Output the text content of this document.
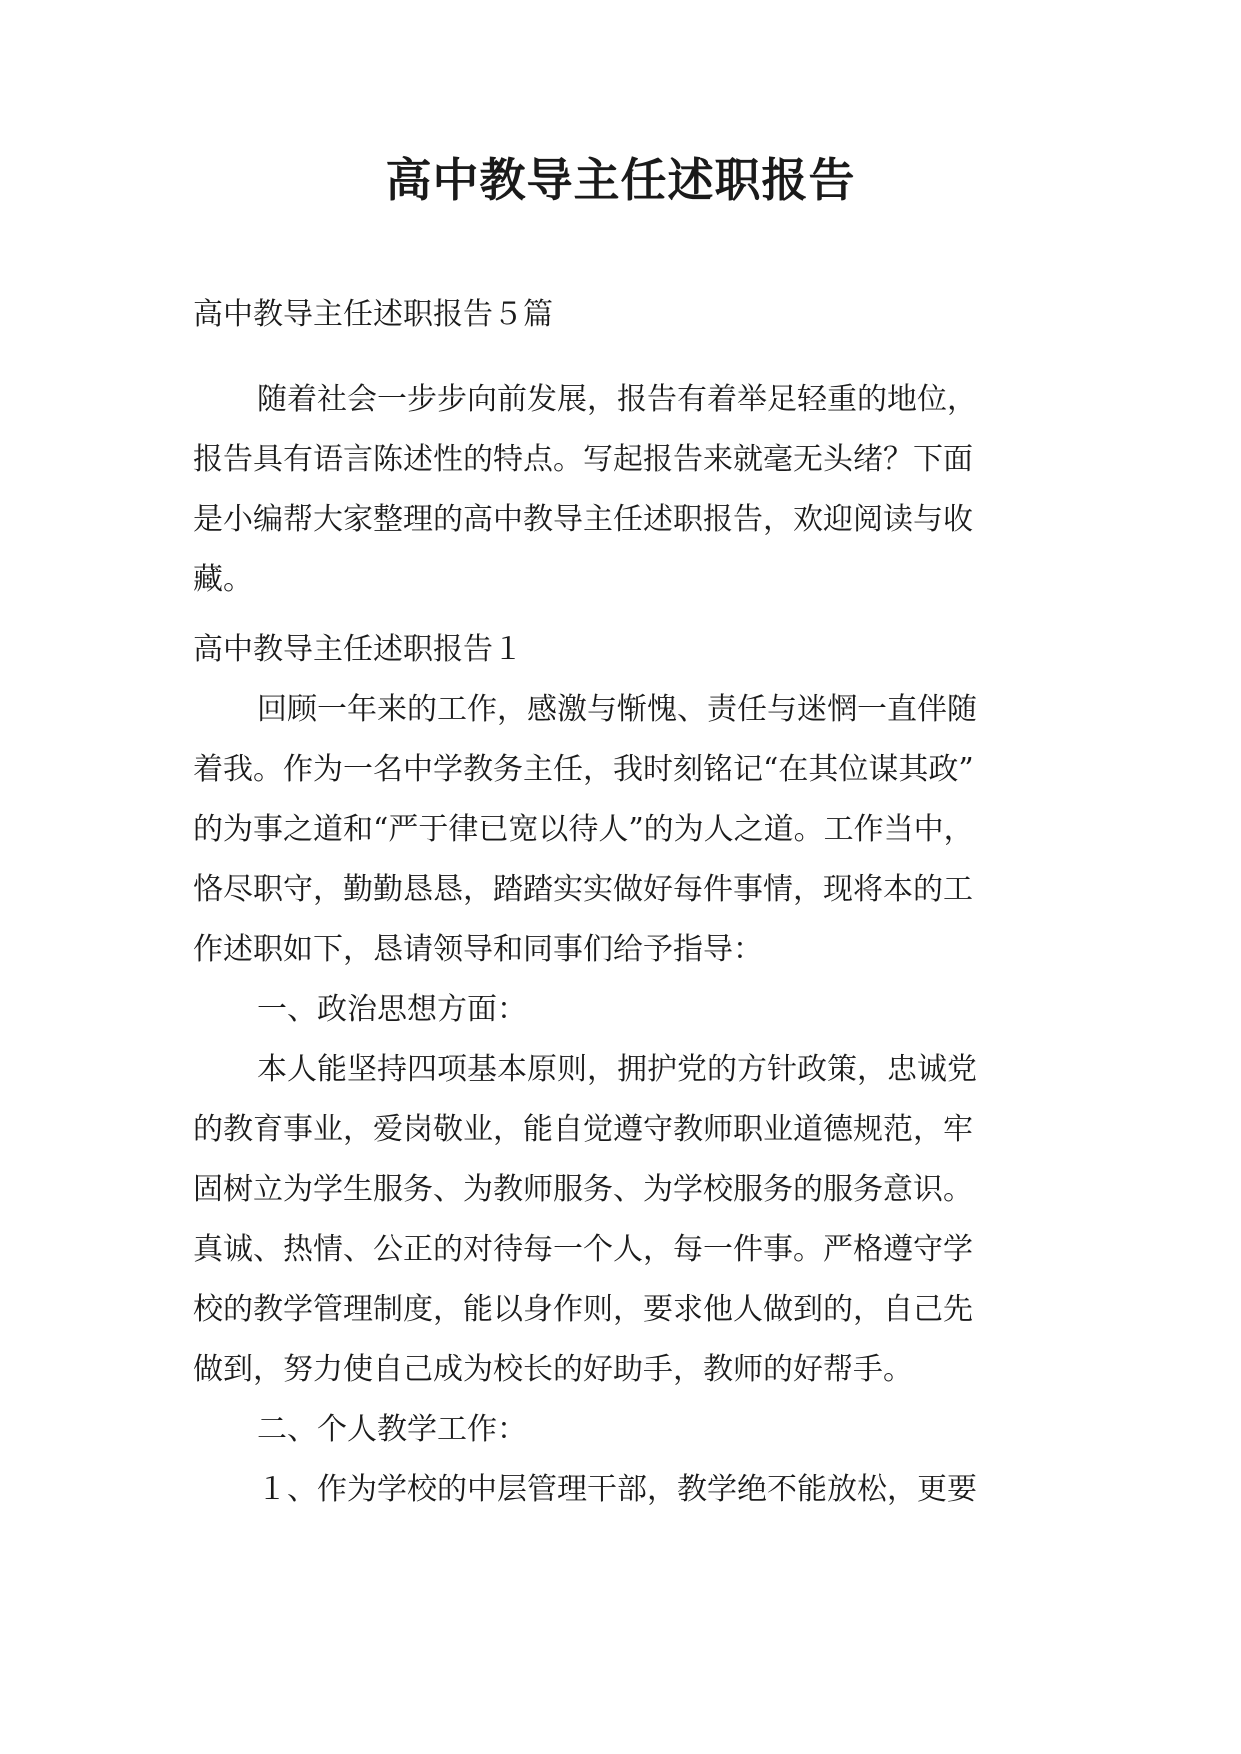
高中教导主任述职报告

高中教导主任述职报告５篇

随着社会一步步向前发展，报告有着举足轻重的地位，
报告具有语言陈述性的特点。写起报告来就毫无头绪？下面
是小编帮大家整理的高中教导主任述职报告，欢迎阅读与收
藏。
高中教导主任述职报告１
回顾一年来的工作，感激与惭愧、责任与迷惘一直伴随
着我。作为一名中学教务主任，我时刻铭记“在其位谋其政”
的为事之道和“严于律已宽以待人”的为人之道。工作当中，
恪尽职守，勤勤恳恳，踏踏实实做好每件事情，现将本的工
作述职如下，恳请领导和同事们给予指导：
一、政治思想方面：
本人能坚持四项基本原则，拥护党的方针政策，忠诚党
的教育事业，爱岗敬业，能自觉遵守教师职业道德规范，牢
固树立为学生服务、为教师服务、为学校服务的服务意识。
真诚、热情、公正的对待每一个人，每一件事。严格遵守学
校的教学管理制度，能以身作则，要求他人做到的，自己先
做到，努力使自己成为校长的好助手，教师的好帮手。
二、个人教学工作：
１、作为学校的中层管理干部，教学绝不能放松，更要
